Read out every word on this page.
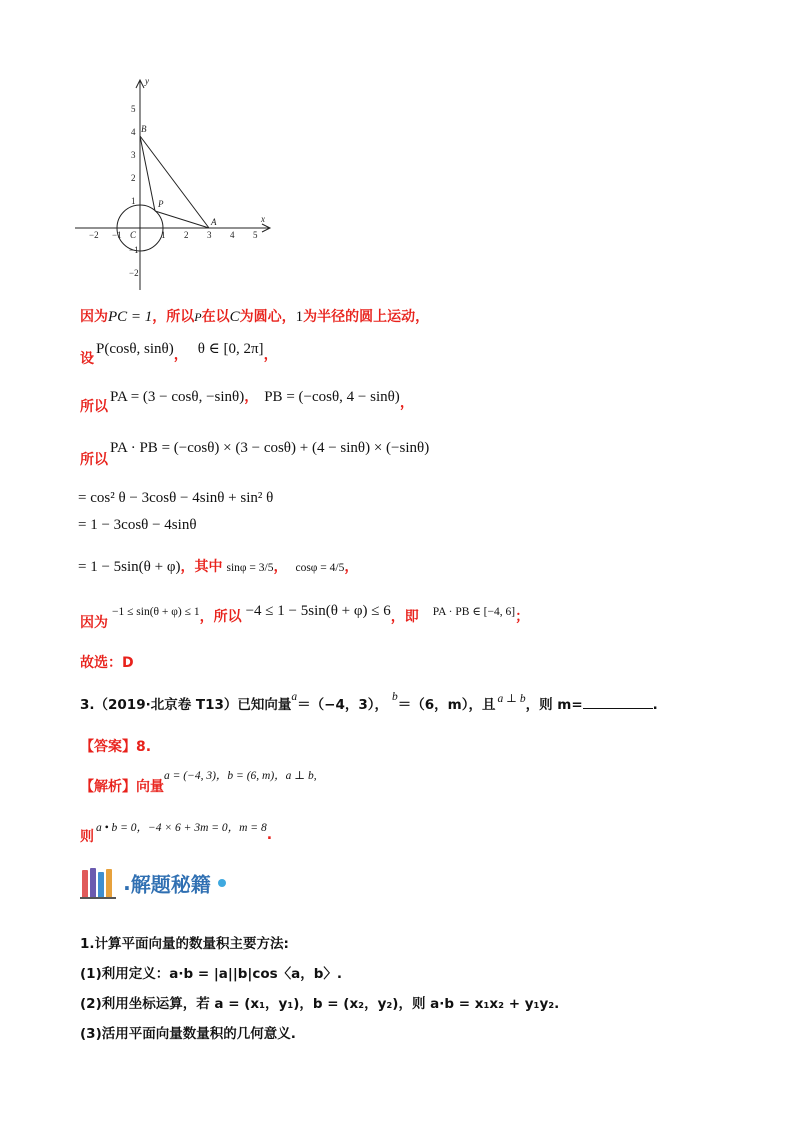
x
y
−2 −1	1 2 3 4 5
5
4
3
2
1
−1
−2
B
P
A
C
因为PC = 1，所以P在以C为圆心，1为半径的圆上运动，
设P(cosθ, sinθ)， θ ∈ [0, 2π]，
所以PA = (3 − cosθ, −sinθ)， PB = (−cosθ, 4 − sinθ)，
所以PA · PB = (−cosθ) × (3 − cosθ) + (4 − sinθ) × (−sinθ)
= cos² θ − 3cosθ − 4sinθ + sin² θ
= 1 − 3cosθ − 4sinθ
= 1 − 5sin(θ + φ)，其中 sinφ = 3/5， cosφ = 4/5，
因为−1 ≤ sin(θ + φ) ≤ 1，所以 −4 ≤ 1 − 5sin(θ + φ) ≤ 6，即 PA · PB ∈ [−4, 6]；
故选：D
3.（2019·北京卷 T13）已知向量a＝（−4，3）， b＝（6，m），且 a ⊥ b，则 m=	.
【答案】8.
【解析】向量a = (−4, 3)，b = (6, m)，a ⊥ b,
则a • b = 0，−4 × 6 + 3m = 0，m = 8.
.解题秘籍
1.计算平面向量的数量积主要方法:
(1)利用定义：a·b = |a||b|cos〈a，b〉.
(2)利用坐标运算，若 a = (x₁，y₁)，b = (x₂，y₂)，则 a·b = x₁x₂ + y₁y₂.
(3)活用平面向量数量积的几何意义.
